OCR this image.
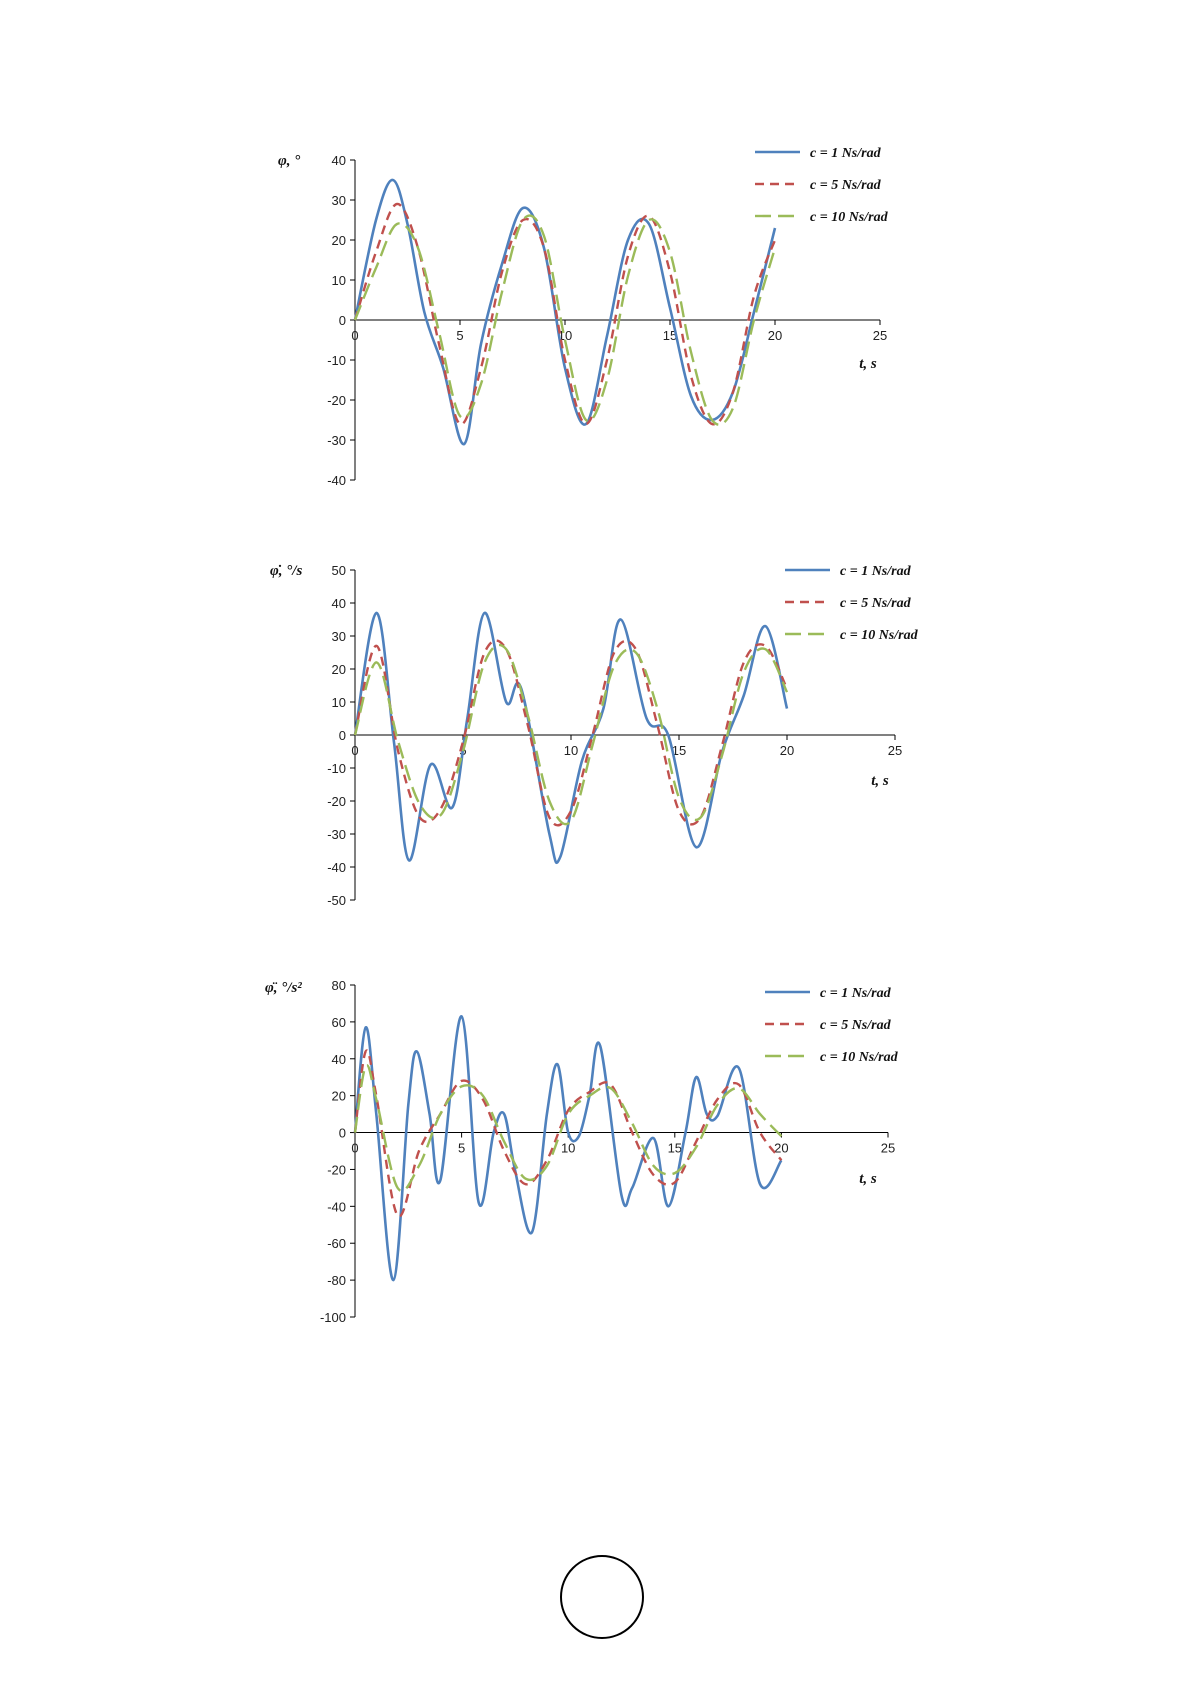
-40
-30
-20
-10
0
10
20
30
40
0	5	10	15	20	25
φ, °
t, s
c = 1 Ns/rad
c = 5 Ns/rad
c = 10 Ns/rad
-50
-40
-30
-20
-10
0
10
20
30
40
50
0	5	10	15	20	25
φ̇, °/s
t, s
c = 1 Ns/rad
c = 5 Ns/rad
c = 10 Ns/rad
-100
-80
-60
-40
-20
0
20
40
60
80
0	5	10	15	20	25
φ̈, °/s²
t, s
c = 1 Ns/rad
c = 5 Ns/rad
c = 10 Ns/rad
